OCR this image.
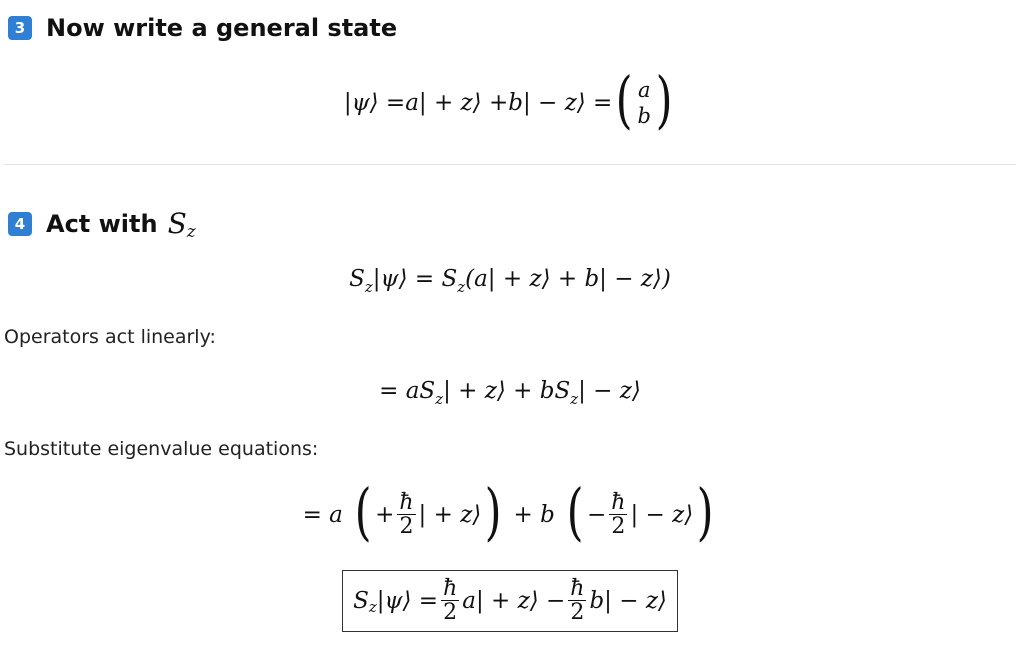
3 Now write a general state
|ψ⟩ = a | + z⟩ + b | − z⟩ = ( a
b )
4 Act with S z
$S_z|\psi⟩ = S_z(a|$ + z⟩ + b| − z⟩)
Operators act linearly:
= $aS_z|$ + z⟩ + $bS_z|$ − z⟩
Substitute eigenvalue equations:
= a ( + $\frac{ħ}{2}$ | + z⟩ ) + b ( − $\frac{ħ}{2}$ | − z⟩ )
S z |ψ⟩ = $\frac{ħ}{2} a|$ + z⟩ − $\frac{ħ}{2} b|$ − z⟩
